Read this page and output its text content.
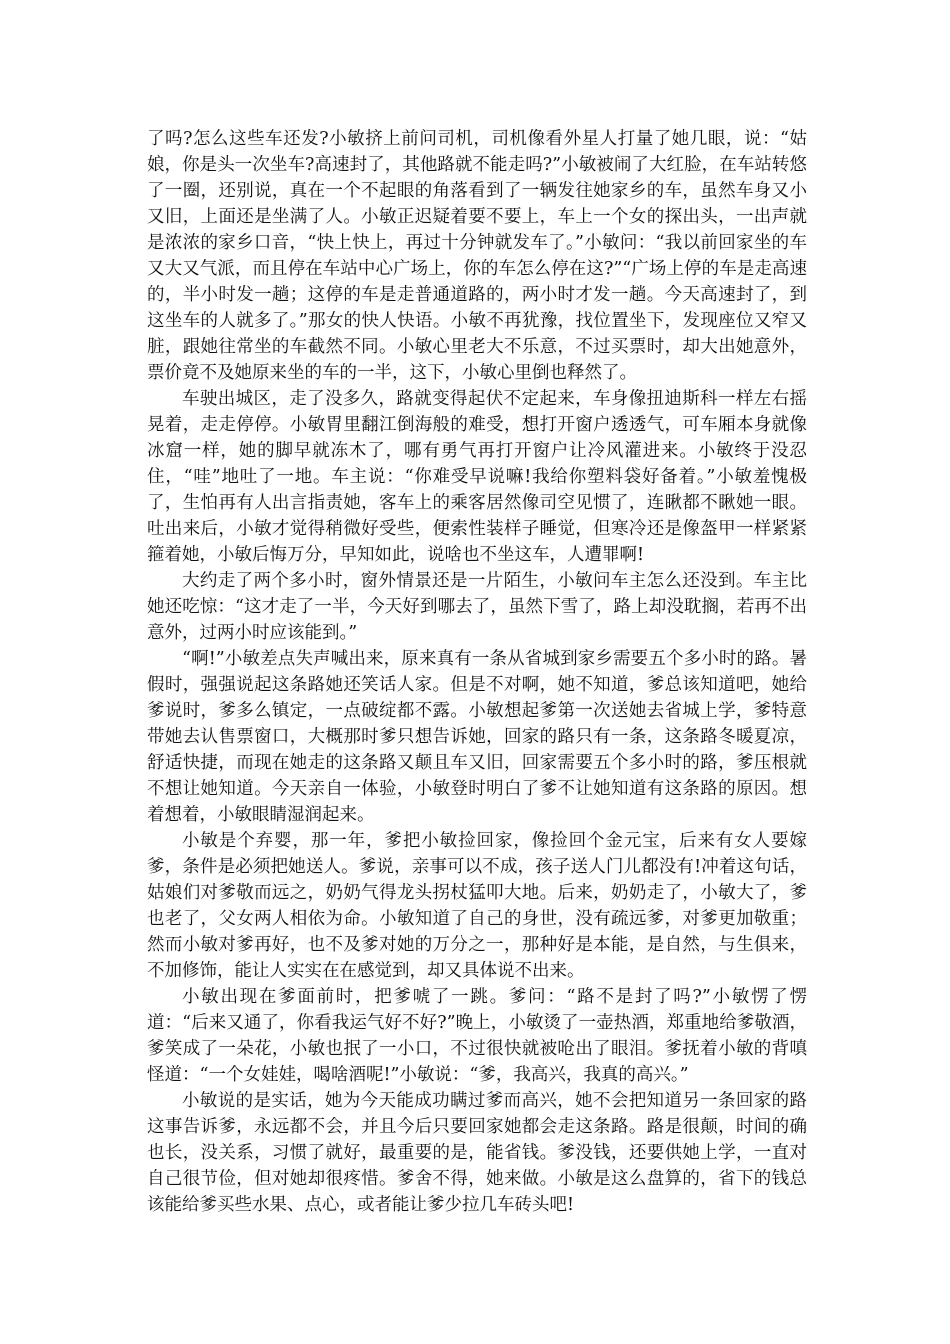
了吗?怎么这些车还发?小敏挤上前问司机，司机像看外星人打量了她几眼，说：“姑娘，你是头一次坐车?高速封了，其他路就不能走吗?”小敏被闹了大红脸，在车站转悠了一圈，还别说，真在一个不起眼的角落看到了一辆发往她家乡的车，虽然车身又小又旧，上面还是坐满了人。小敏正迟疑着要不要上，车上一个女的探出头，一出声就是浓浓的家乡口音，“快上快上，再过十分钟就发车了。”小敏问：“我以前回家坐的车又大又气派，而且停在车站中心广场上，你的车怎么停在这?”“广场上停的车是走高速的，半小时发一趟；这停的车是走普通道路的，两小时才发一趟。今天高速封了，到这坐车的人就多了。”那女的快人快语。小敏不再犹豫，找位置坐下，发现座位又窄又脏，跟她往常坐的车截然不同。小敏心里老大不乐意，不过买票时，却大出她意外，票价竟不及她原来坐的车的一半，这下，小敏心里倒也释然了。

车驶出城区，走了没多久，路就变得起伏不定起来，车身像扭迪斯科一样左右摇晃着，走走停停。小敏胃里翻江倒海般的难受，想打开窗户透透气，可车厢本身就像冰窟一样，她的脚早就冻木了，哪有勇气再打开窗户让冷风灌进来。小敏终于没忍住，“哇”地吐了一地。车主说：“你难受早说嘛!我给你塑料袋好备着。”小敏羞愧极了，生怕再有人出言指责她，客车上的乘客居然像司空见惯了，连瞅都不瞅她一眼。吐出来后，小敏才觉得稍微好受些，便索性装样子睡觉，但寒冷还是像盔甲一样紧紧箍着她，小敏后悔万分，早知如此，说啥也不坐这车，人遭罪啊!

大约走了两个多小时，窗外情景还是一片陌生，小敏问车主怎么还没到。车主比她还吃惊：“这才走了一半，今天好到哪去了，虽然下雪了，路上却没耽搁，若再不出意外，过两小时应该能到。”

“啊!”小敏差点失声喊出来，原来真有一条从省城到家乡需要五个多小时的路。暑假时，强强说起这条路她还笑话人家。但是不对啊，她不知道，爹总该知道吧，她给爹说时，爹多么镇定，一点破绽都不露。小敏想起爹第一次送她去省城上学，爹特意带她去认售票窗口，大概那时爹只想告诉她，回家的路只有一条，这条路冬暖夏凉，舒适快捷，而现在她走的这条路又颠且车又旧，回家需要五个多小时的路，爹压根就不想让她知道。今天亲自一体验，小敏登时明白了爹不让她知道有这条路的原因。想着想着，小敏眼睛湿润起来。

小敏是个弃婴，那一年，爹把小敏捡回家，像捡回个金元宝，后来有女人要嫁爹，条件是必须把她送人。爹说，亲事可以不成，孩子送人门儿都没有!冲着这句话，姑娘们对爹敬而远之，奶奶气得龙头拐杖猛叩大地。后来，奶奶走了，小敏大了，爹也老了，父女两人相依为命。小敏知道了自己的身世，没有疏远爹，对爹更加敬重；然而小敏对爹再好，也不及爹对她的万分之一，那种好是本能，是自然，与生俱来，不加修饰，能让人实实在在感觉到，却又具体说不出来。

小敏出现在爹面前时，把爹唬了一跳。爹问：“路不是封了吗?”小敏愣了愣道：“后来又通了，你看我运气好不好?”晚上，小敏烫了一壶热酒，郑重地给爹敬酒，爹笑成了一朵花，小敏也抿了一小口，不过很快就被呛出了眼泪。爹抚着小敏的背嗔怪道：“一个女娃娃，喝啥酒呢!”小敏说：“爹，我高兴，我真的高兴。”

小敏说的是实话，她为今天能成功瞒过爹而高兴，她不会把知道另一条回家的路这事告诉爹，永远都不会，并且今后只要回家她都会走这条路。路是很颠，时间的确也长，没关系，习惯了就好，最重要的是，能省钱。爹没钱，还要供她上学，一直对自己很节俭，但对她却很疼惜。爹舍不得，她来做。小敏是这么盘算的，省下的钱总该能给爹买些水果、点心，或者能让爹少拉几车砖头吧!
